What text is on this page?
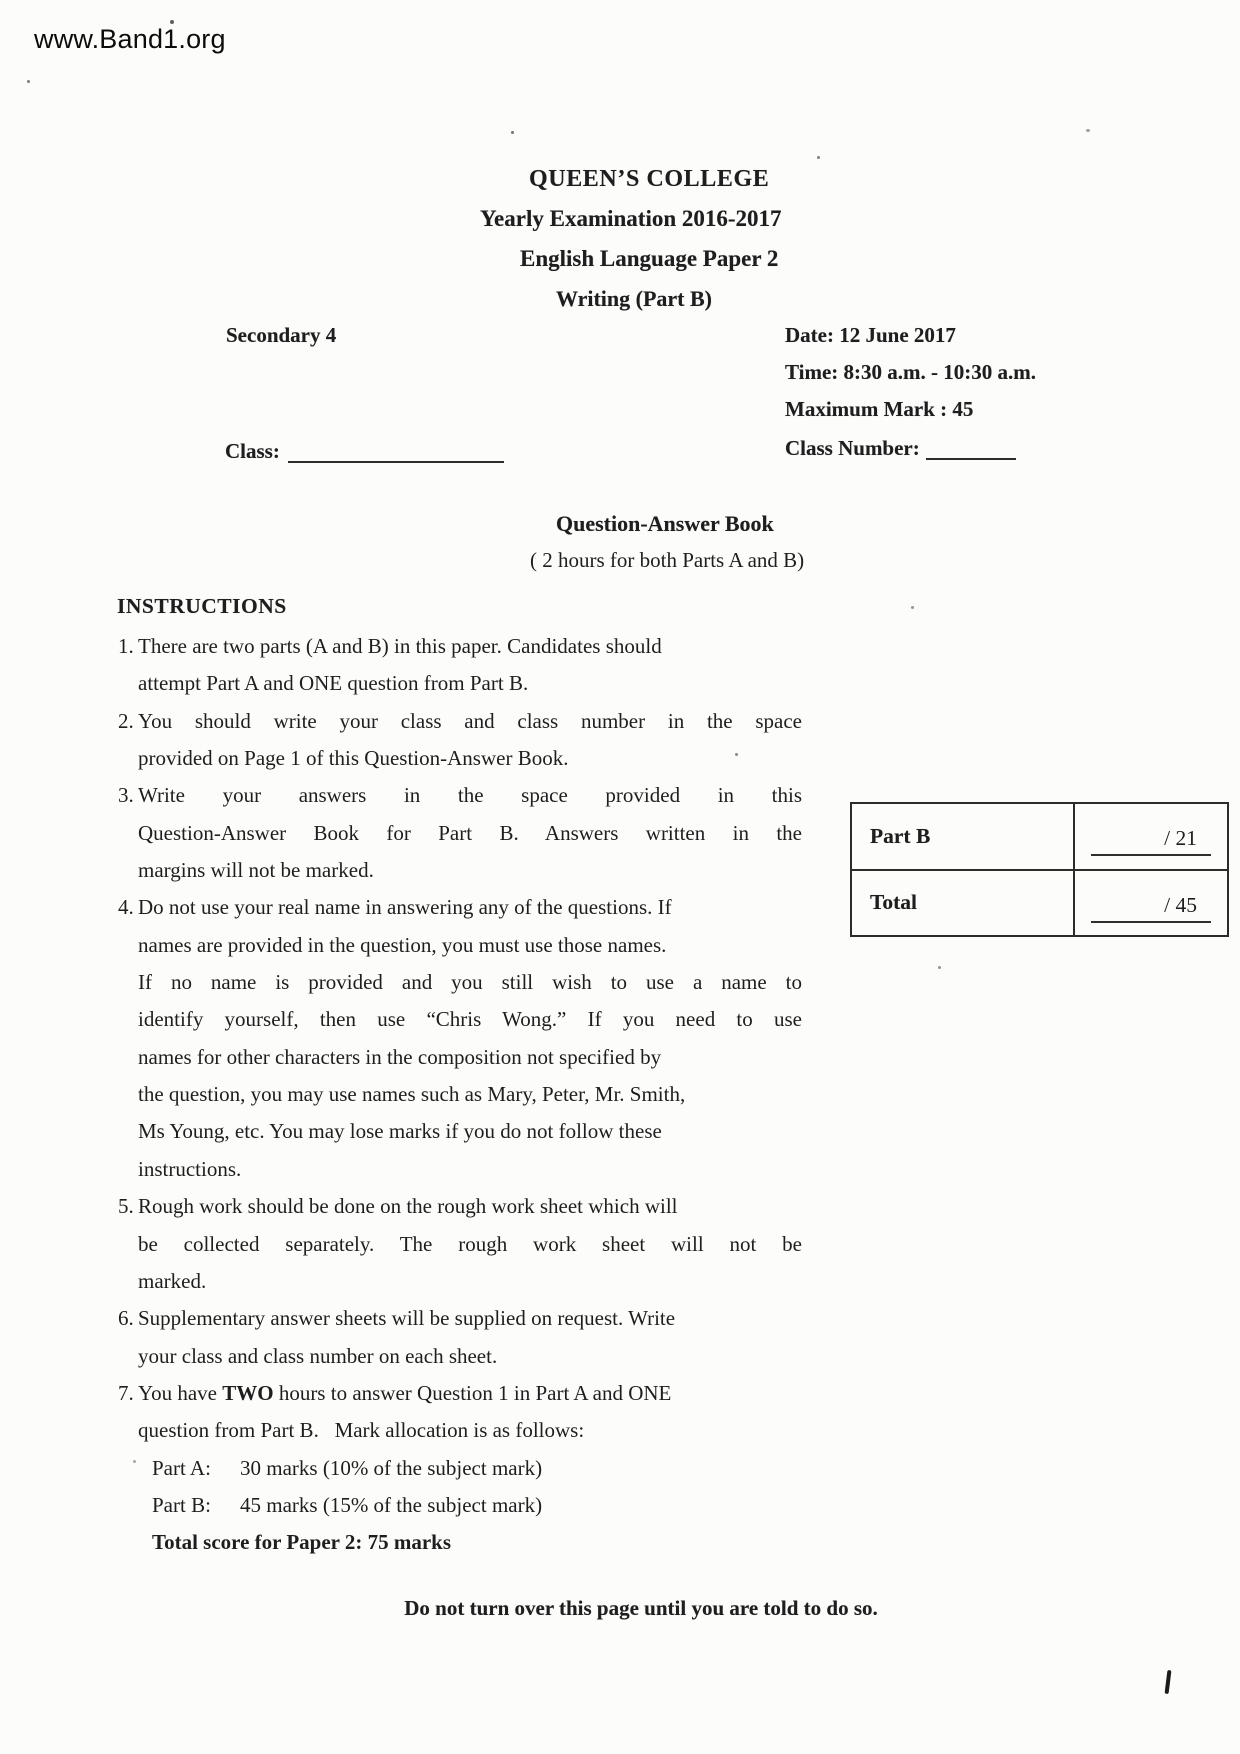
www.Band1.org
QUEEN’S COLLEGE
Yearly Examination 2016-2017
English Language Paper 2
Writing (Part B)
Secondary 4	Date: 12 June 2017
Time: 8:30 a.m. - 10:30 a.m.
Maximum Mark : 45
Class:	Class Number:
Question-Answer Book
( 2 hours for both Parts A and B)
INSTRUCTIONS
1. There are two parts (A and B) in this paper. Candidates should
attempt Part A and ONE question from Part B.
2. You should write your class and class number in the space
provided on Page 1 of this Question-Answer Book.
3. Write your answers in the space provided in this
Question-Answer Book for Part B. Answers written in the
margins will not be marked.
4. Do not use your real name in answering any of the questions. If
names are provided in the question, you must use those names.
If no name is provided and you still wish to use a name to
identify yourself, then use “Chris Wong.” If you need to use
names for other characters in the composition not specified by
the question, you may use names such as Mary, Peter, Mr. Smith,
Ms Young, etc. You may lose marks if you do not follow these
instructions.
5. Rough work should be done on the rough work sheet which will
be collected separately. The rough work sheet will not be
marked.
6. Supplementary answer sheets will be supplied on request. Write
your class and class number on each sheet.
7. You have TWO hours to answer Question 1 in Part A and ONE
question from Part B.   Mark allocation is as follows:
Part A: 30 marks (10% of the subject mark)
Part B: 45 marks (15% of the subject mark)
Total score for Paper 2: 75 marks
Part B	/ 21

Total	/ 45
Do not turn over this page until you are told to do so.
